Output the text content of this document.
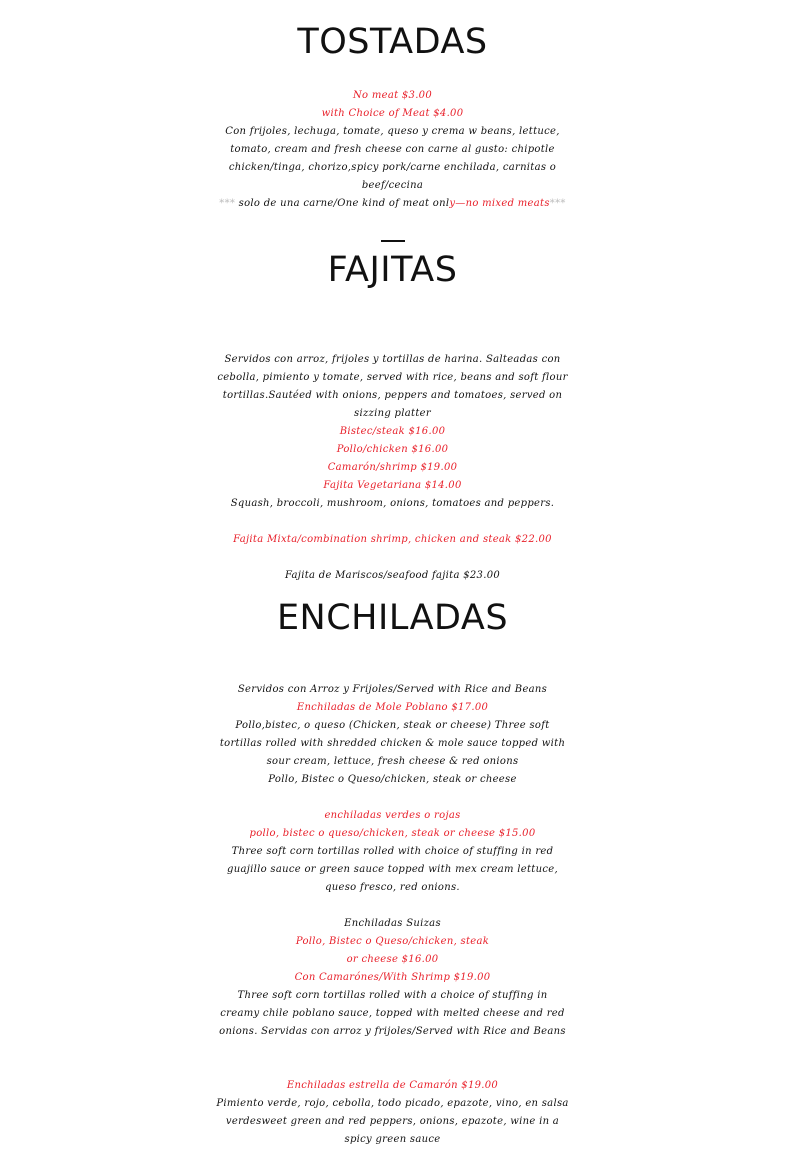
TOSTADAS
No meat $3.00
with Choice of Meat $4.00
Con frijoles, lechuga, tomate, queso y crema w beans, lettuce,
tomato, cream and fresh cheese con carne al gusto: chipotle
chicken/tinga, chorizo,spicy pork/carne enchilada, carnitas o
beef/cecina
*** solo de una carne/One kind of meat only—no mixed meats***
FAJITAS
Servidos con arroz, frijoles y tortillas de harina. Salteadas con
cebolla, pimiento y tomate, served with rice, beans and soft flour
tortillas.Sautéed with onions, peppers and tomatoes, served on
sizzing platter
Bistec/steak $16.00
Pollo/chicken $16.00
Camarón/shrimp $19.00
Fajita Vegetariana $14.00
Squash, broccoli, mushroom, onions, tomatoes and peppers.
Fajita Mixta/combination shrimp, chicken and steak $22.00
Fajita de Mariscos/seafood fajita $23.00
ENCHILADAS
Servidos con Arroz y Frijoles/Served with Rice and Beans
Enchiladas de Mole Poblano $17.00
Pollo,bistec, o queso (Chicken, steak or cheese) Three soft
tortillas rolled with shredded chicken & mole sauce topped with
sour cream, lettuce, fresh cheese & red onions
Pollo, Bistec o Queso/chicken, steak or cheese
enchiladas verdes o rojas
pollo, bistec o queso/chicken, steak or cheese $15.00
Three soft corn tortillas rolled with choice of stuffing in red
guajillo sauce or green sauce topped with mex cream lettuce,
queso fresco, red onions.
Enchiladas Suizas
Pollo, Bistec o Queso/chicken, steak
or cheese $16.00
Con Camarónes/With Shrimp $19.00
Three soft corn tortillas rolled with a choice of stuffing in
creamy chile poblano sauce, topped with melted cheese and red
onions. Servidas con arroz y frijoles/Served with Rice and Beans
Enchiladas estrella de Camarón $19.00
Pimiento verde, rojo, cebolla, todo picado, epazote, vino, en salsa
verdesweet green and red peppers, onions, epazote, wine in a
spicy green sauce
